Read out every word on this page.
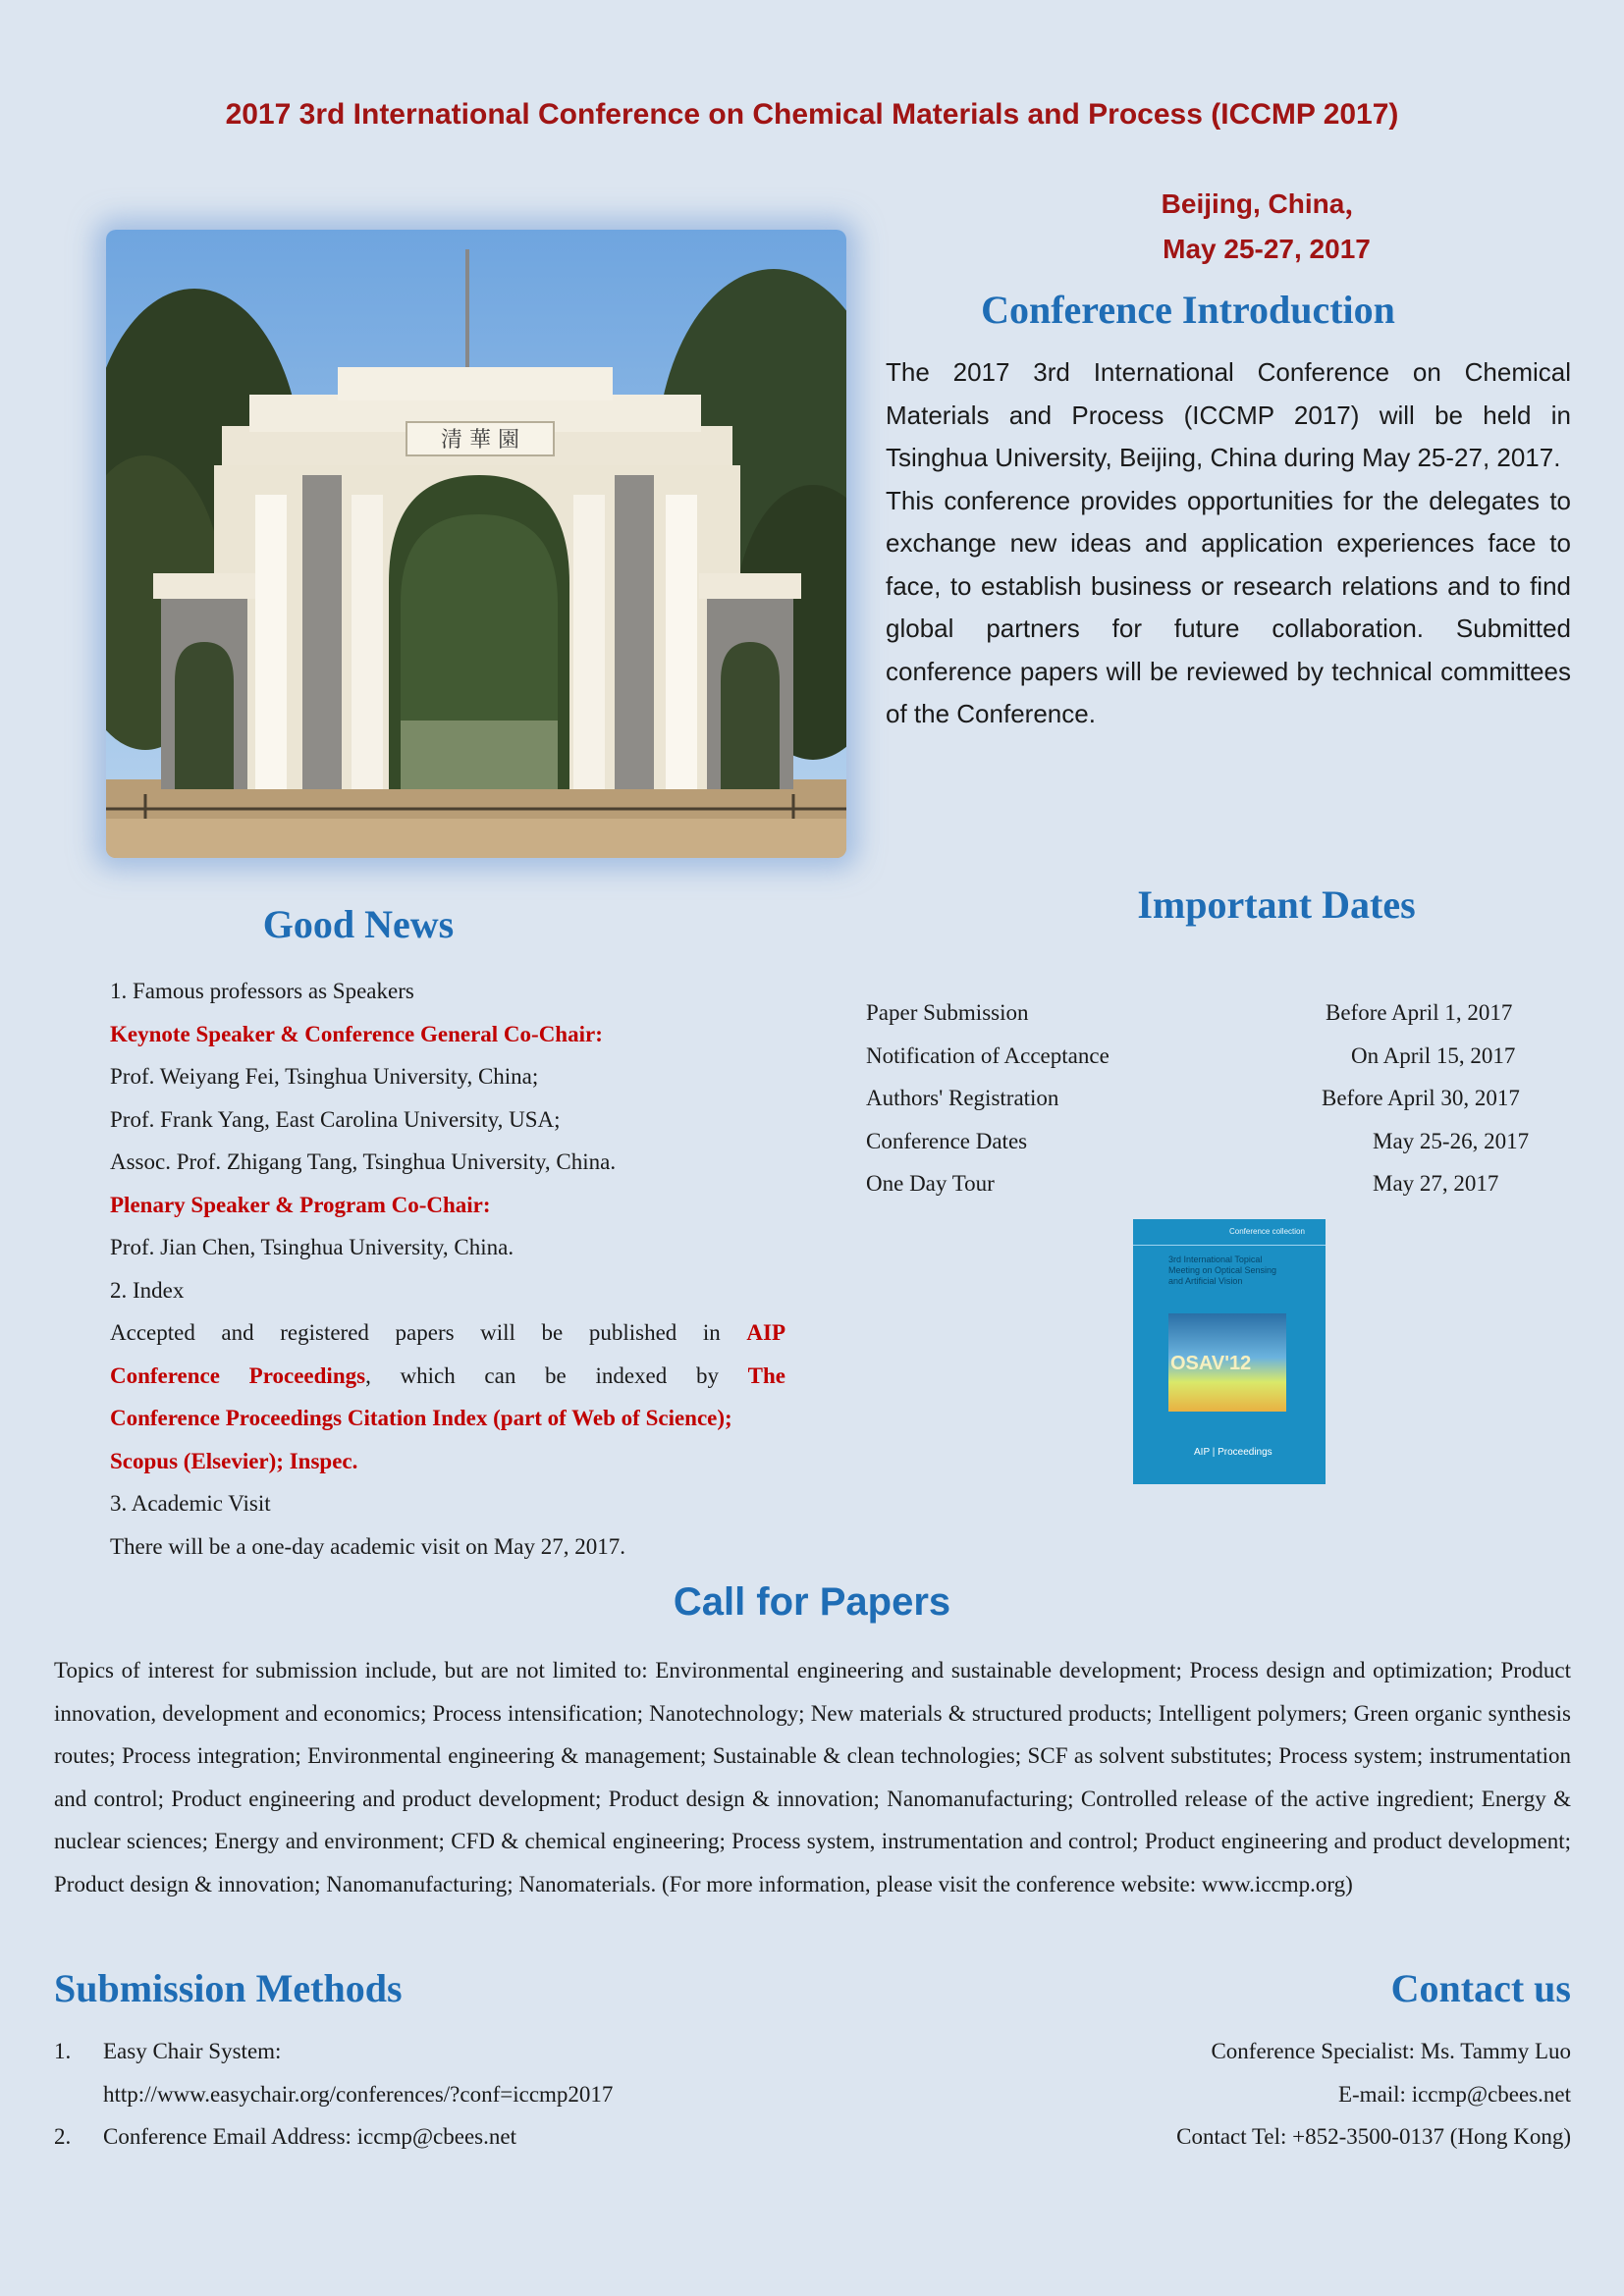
2017 3rd International Conference on Chemical Materials and Process (ICCMP 2017)
Beijing, China，
May 25-27, 2017
清 華 園
Conference Introduction

The 2017 3rd International Conference on Chemical Materials and Process (ICCMP 2017) will be held in Tsinghua University, Beijing, China during May 25-27, 2017.

This conference provides opportunities for the delegates to exchange new ideas and application experiences face to face, to establish business or research relations and to find global partners for future collaboration. Submitted conference papers will be reviewed by technical committees of the Conference.

Good News
1. Famous professors as Speakers
Keynote Speaker & Conference General Co-Chair:
Prof. Weiyang Fei, Tsinghua University, China;
Prof. Frank Yang, East Carolina University, USA;
Assoc. Prof. Zhigang Tang, Tsinghua University, China.
Plenary Speaker & Program Co-Chair:
Prof. Jian Chen, Tsinghua University, China.
2. Index
Accepted and registered papers will be published in AIP
Conference Proceedings, which can be indexed by The
Conference Proceedings Citation Index (part of Web of Science);
Scopus (Elsevier); Inspec.
3. Academic Visit
There will be a one-day academic visit on May 27, 2017.
Important Dates
Paper Submission	Before April 1, 2017
Notification of Acceptance	On April 15, 2017
Authors' Registration	Before April 30, 2017
Conference Dates	May 25-26, 2017
One Day Tour	May 27, 2017
Conference collection
3rd International Topical Meeting on Optical Sensing and Artificial Vision
OSAV'12
AIP | Proceedings
Call for Papers

Topics of interest for submission include, but are not limited to: Environmental engineering and sustainable development; Process design and optimization; Product innovation, development and economics; Process intensification; Nanotechnology; New materials & structured products; Intelligent polymers; Green organic synthesis routes; Process integration; Environmental engineering & management; Sustainable & clean technologies; SCF as solvent substitutes; Process system; instrumentation and control; Product engineering and product development; Product design & innovation; Nanomanufacturing; Controlled release of the active ingredient; Energy & nuclear sciences; Energy and environment; CFD & chemical engineering; Process system, instrumentation and control; Product engineering and product development; Product design & innovation; Nanomanufacturing; Nanomaterials. (For more information, please visit the conference website: www.iccmp.org)

Submission Methods
1. Easy Chair System:
http://www.easychair.org/conferences/?conf=iccmp2017
2. Conference Email Address: iccmp@cbees.net
Contact us
Conference Specialist: Ms. Tammy Luo
E-mail: iccmp@cbees.net
Contact Tel: +852-3500-0137 (Hong Kong)
